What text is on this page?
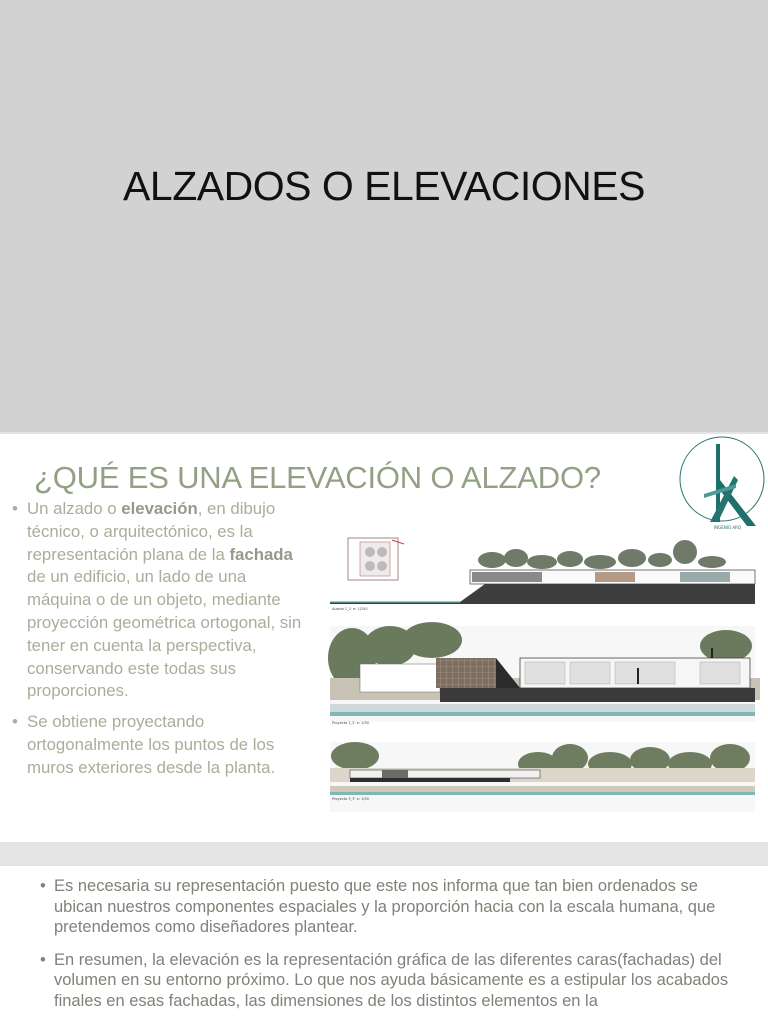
ALZADOS O ELEVACIONES
¿QUÉ ES UNA ELEVACIÓN O ALZADO?
INGENIO ARQ
• Un alzado o elevación, en dibujo técnico, o arquitectónico, es la representación plana de la fachada de un edificio, un lado de una máquina o de un objeto, mediante proyección geométrica ortogonal, sin tener en cuenta la perspectiva, conservando este todas sus proporciones.
• Se obtiene proyectando ortogonalmente los puntos de los muros exteriores desde la planta.
Alzado 1_1' e: 1/250
Proyecto 2_2' e: 1/50
Proyecto 3_3' e: 1/50
• Es necesaria su representación puesto que este nos informa que tan bien ordenados se ubican nuestros componentes espaciales y la proporción hacia con la escala humana, que pretendemos como diseñadores plantear.
• En resumen, la elevación es la representación gráfica de las diferentes caras(fachadas) del volumen en su entorno próximo. Lo que nos ayuda básicamente es a estipular los acabados finales en esas fachadas, las dimensiones de los distintos elementos en la
